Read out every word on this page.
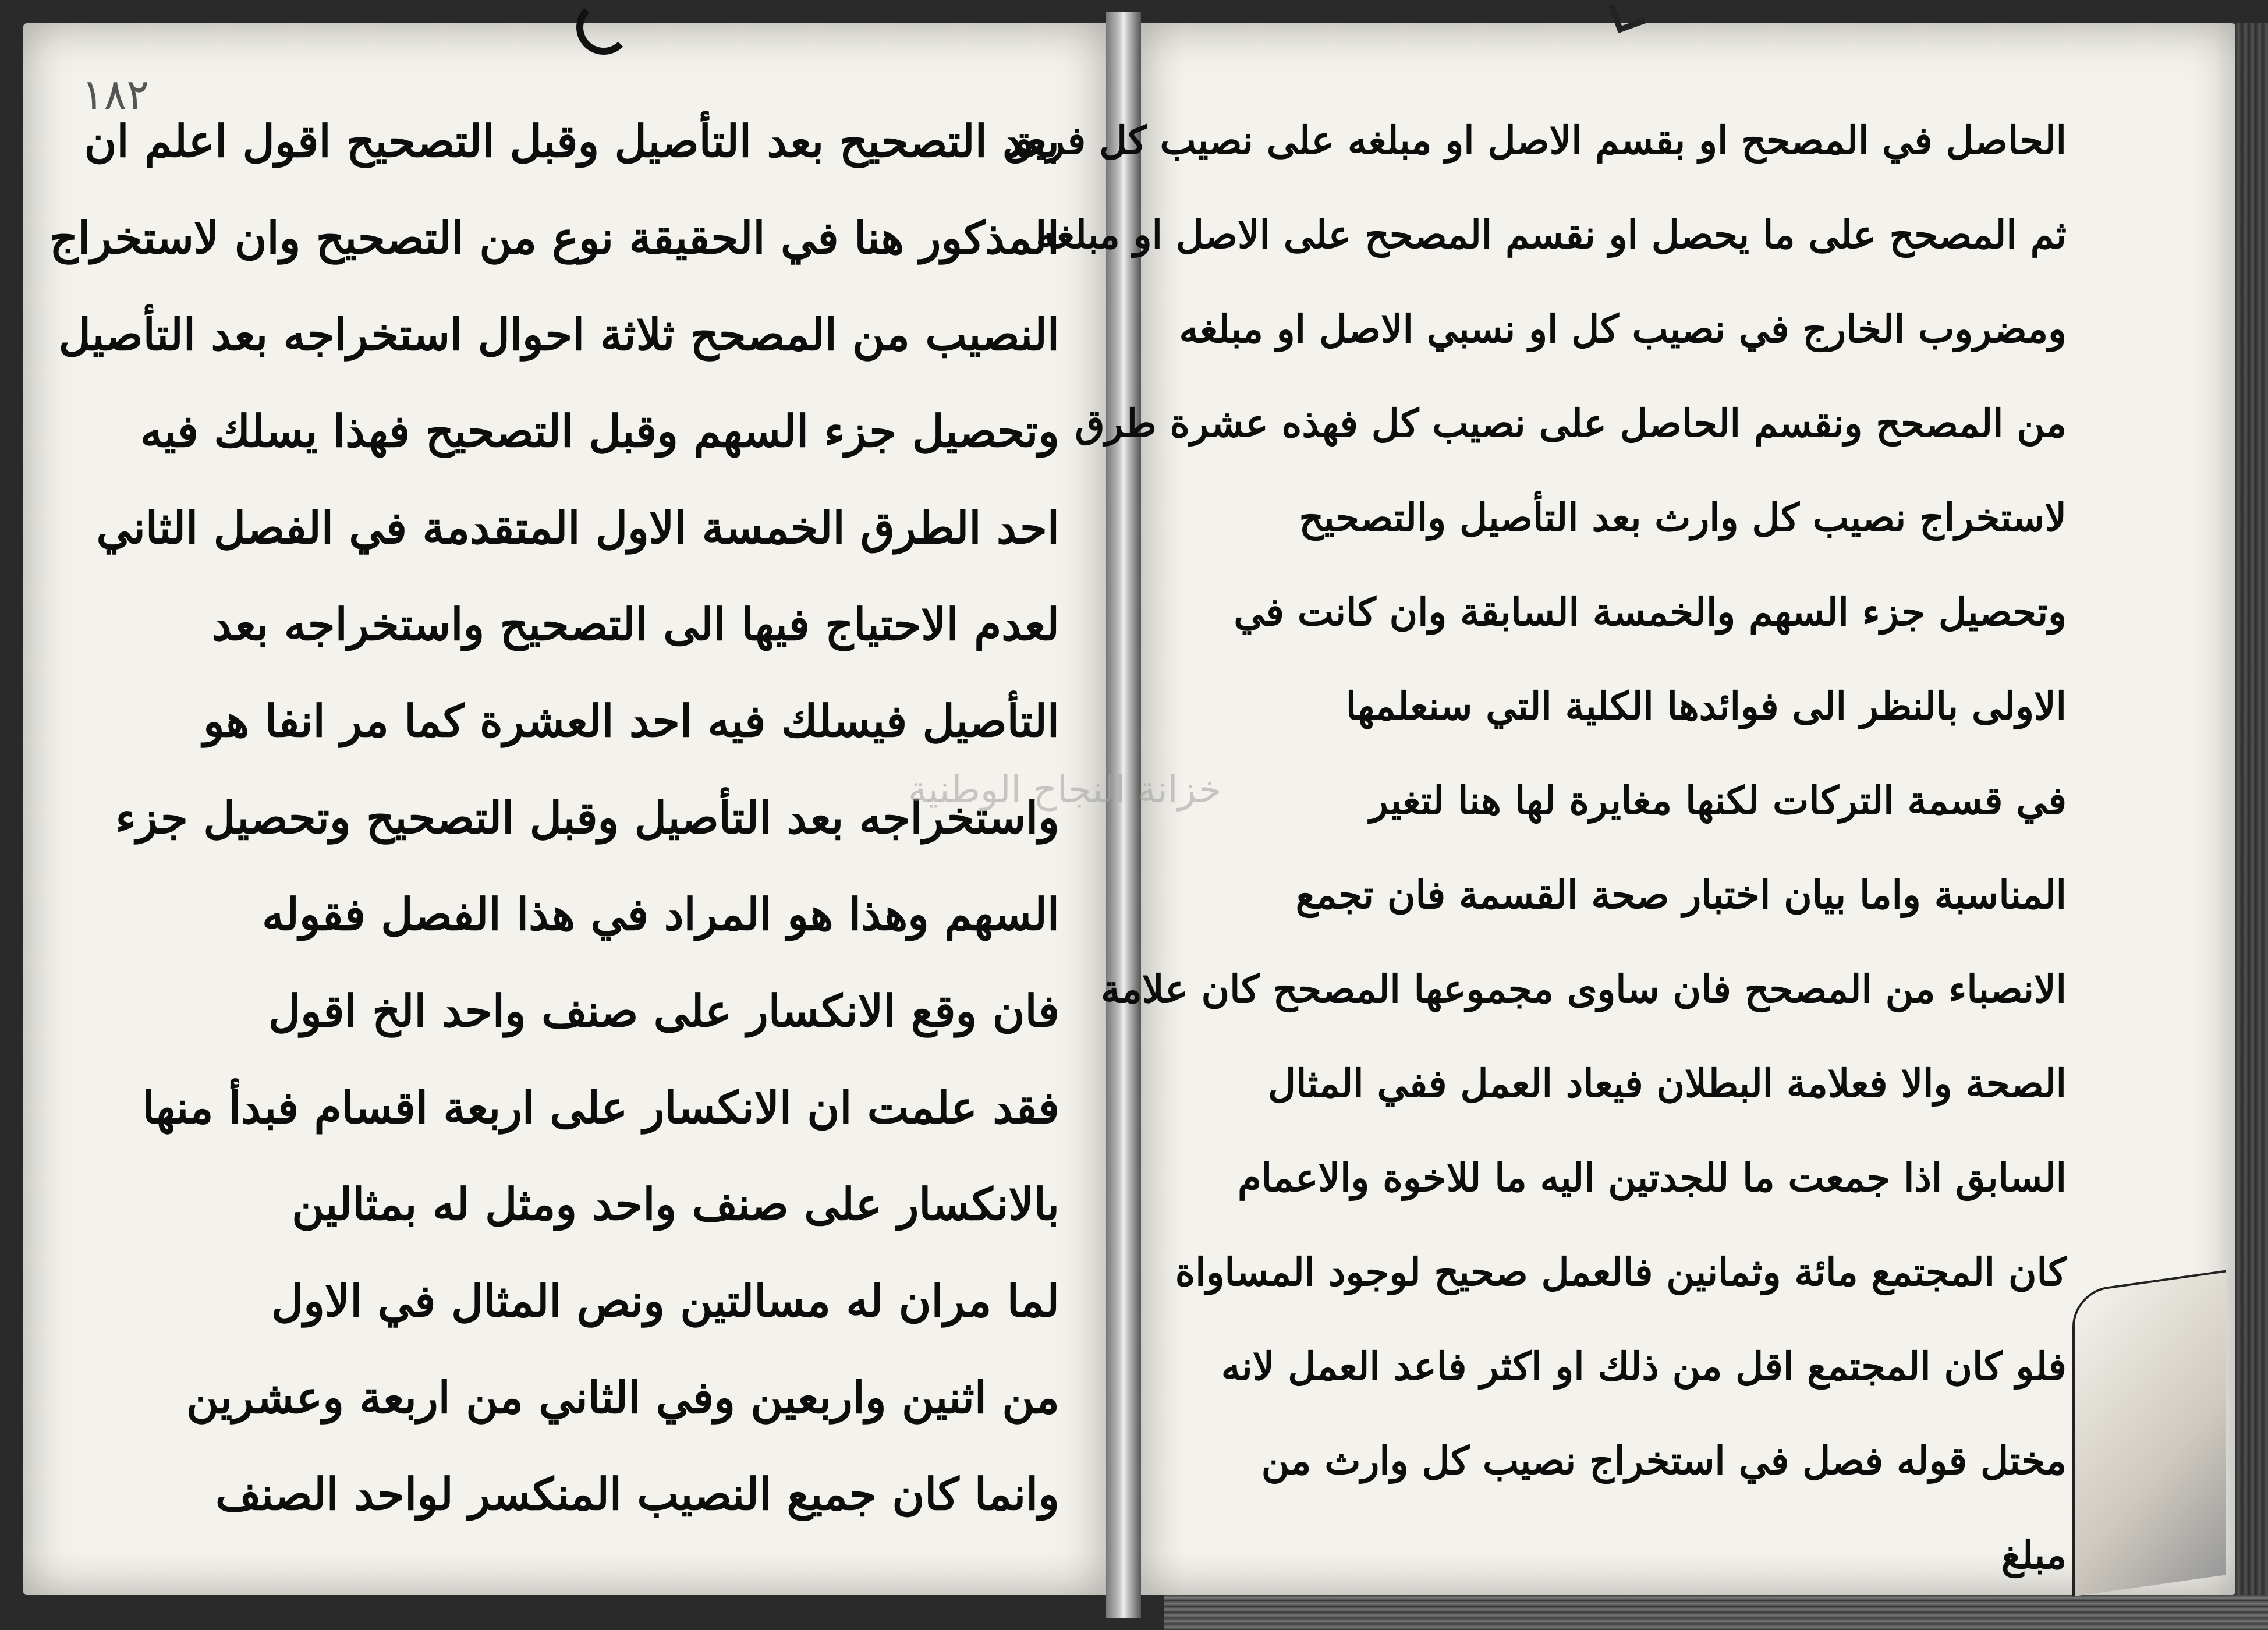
١٨٢
بعد التصحيح بعد التأصيل وقبل التصحيح اقول اعلم ان
المذكور هنا في الحقيقة نوع من التصحيح وان لاستخراج
النصيب من المصحح ثلاثة احوال استخراجه بعد التأصيل
وتحصيل جزء السهم وقبل التصحيح فهذا يسلك فيه
احد الطرق الخمسة الاول المتقدمة في الفصل الثاني
لعدم الاحتياج فيها الى التصحيح واستخراجه بعد
التأصيل فيسلك فيه احد العشرة كما مر انفا هو
واستخراجه بعد التأصيل وقبل التصحيح وتحصيل جزء
السهم وهذا هو المراد في هذا الفصل فقوله
فان وقع الانكسار على صنف واحد الخ اقول
فقد علمت ان الانكسار على اربعة اقسام فبدأ منها
بالانكسار على صنف واحد ومثل له بمثالين
لما مران له مسالتين ونص المثال في الاول
من اثنين واربعين وفي الثاني من اربعة وعشرين
وانما كان جميع النصيب المنكسر لواحد الصنف
الحاصل في المصحح او بقسم الاصل او مبلغه على نصيب كل فريق
ثم المصحح على ما يحصل او نقسم المصحح على الاصل او مبلغه
ومضروب الخارج في نصيب كل او نسبي الاصل او مبلغه
من المصحح ونقسم الحاصل على نصيب كل فهذه عشرة طرق
لاستخراج نصيب كل وارث بعد التأصيل والتصحيح
وتحصيل جزء السهم والخمسة السابقة وان كانت في
الاولى بالنظر الى فوائدها الكلية التي سنعلمها
في قسمة التركات لكنها مغايرة لها هنا لتغير
المناسبة واما بيان اختبار صحة القسمة فان تجمع
الانصباء من المصحح فان ساوى مجموعها المصحح كان علامة
الصحة والا فعلامة البطلان فيعاد العمل ففي المثال
السابق اذا جمعت ما للجدتين اليه ما للاخوة والاعمام
كان المجتمع مائة وثمانين فالعمل صحيح لوجود المساواة
فلو كان المجتمع اقل من ذلك او اكثر فاعد العمل لانه
مختل قوله فصل في استخراج نصيب كل وارث من
مبلغ
خزانة النجاح الوطنية
